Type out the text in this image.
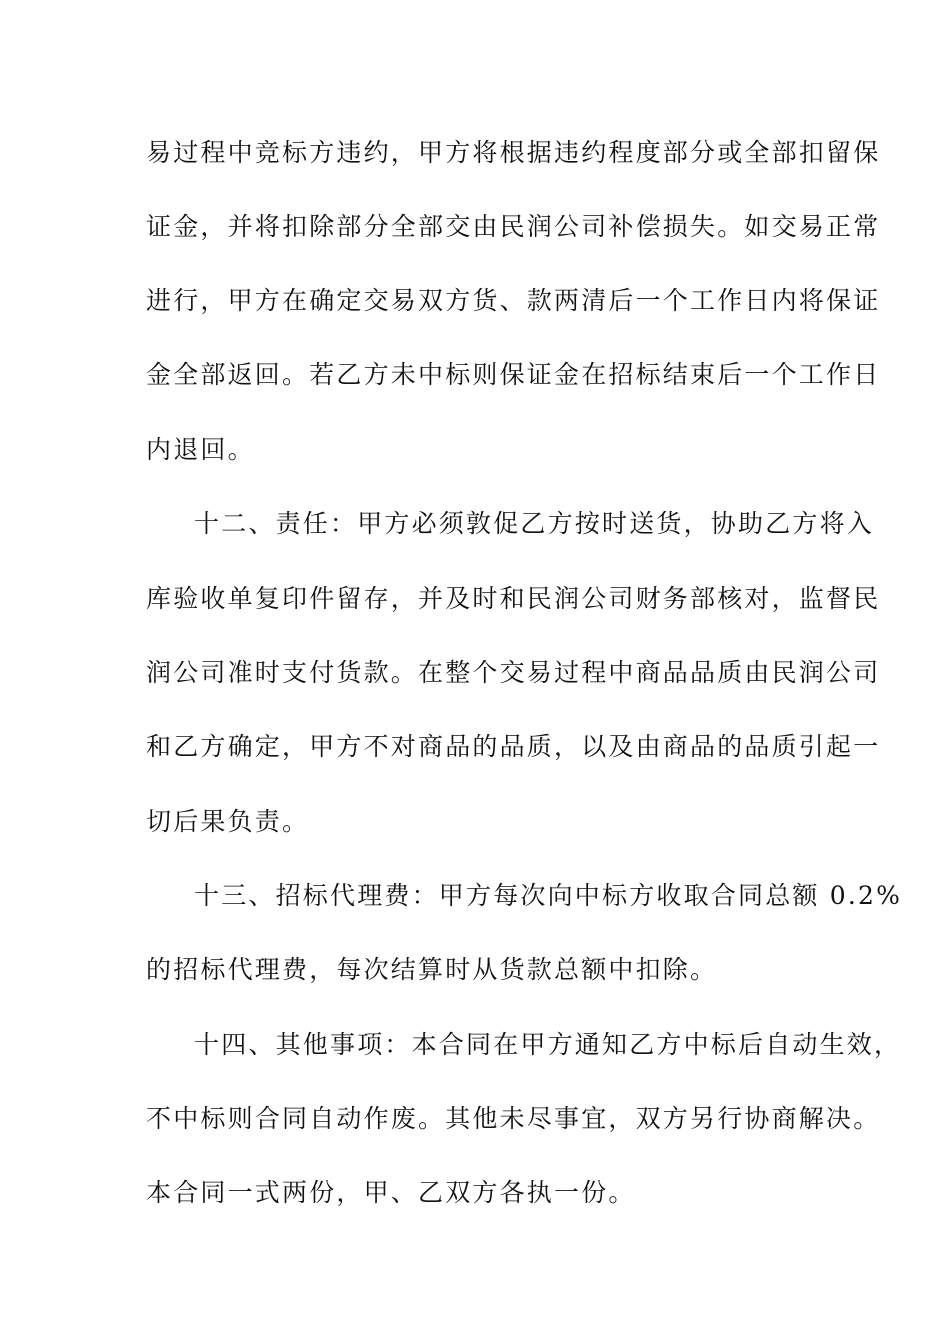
易过程中竞标方违约，甲方将根据违约程度部分或全部扣留保
证金，并将扣除部分全部交由民润公司补偿损失。如交易正常
进行，甲方在确定交易双方货、款两清后一个工作日内将保证
金全部返回。若乙方未中标则保证金在招标结束后一个工作日
内退回。
十二、责任：甲方必须敦促乙方按时送货，协助乙方将入
库验收单复印件留存，并及时和民润公司财务部核对，监督民
润公司准时支付货款。在整个交易过程中商品品质由民润公司
和乙方确定，甲方不对商品的品质，以及由商品的品质引起一
切后果负责。
十三、招标代理费：甲方每次向中标方收取合同总额 0.2%
的招标代理费，每次结算时从货款总额中扣除。
十四、其他事项：本合同在甲方通知乙方中标后自动生效，
不中标则合同自动作废。其他未尽事宜，双方另行协商解决。
本合同一式两份，甲、乙双方各执一份。
